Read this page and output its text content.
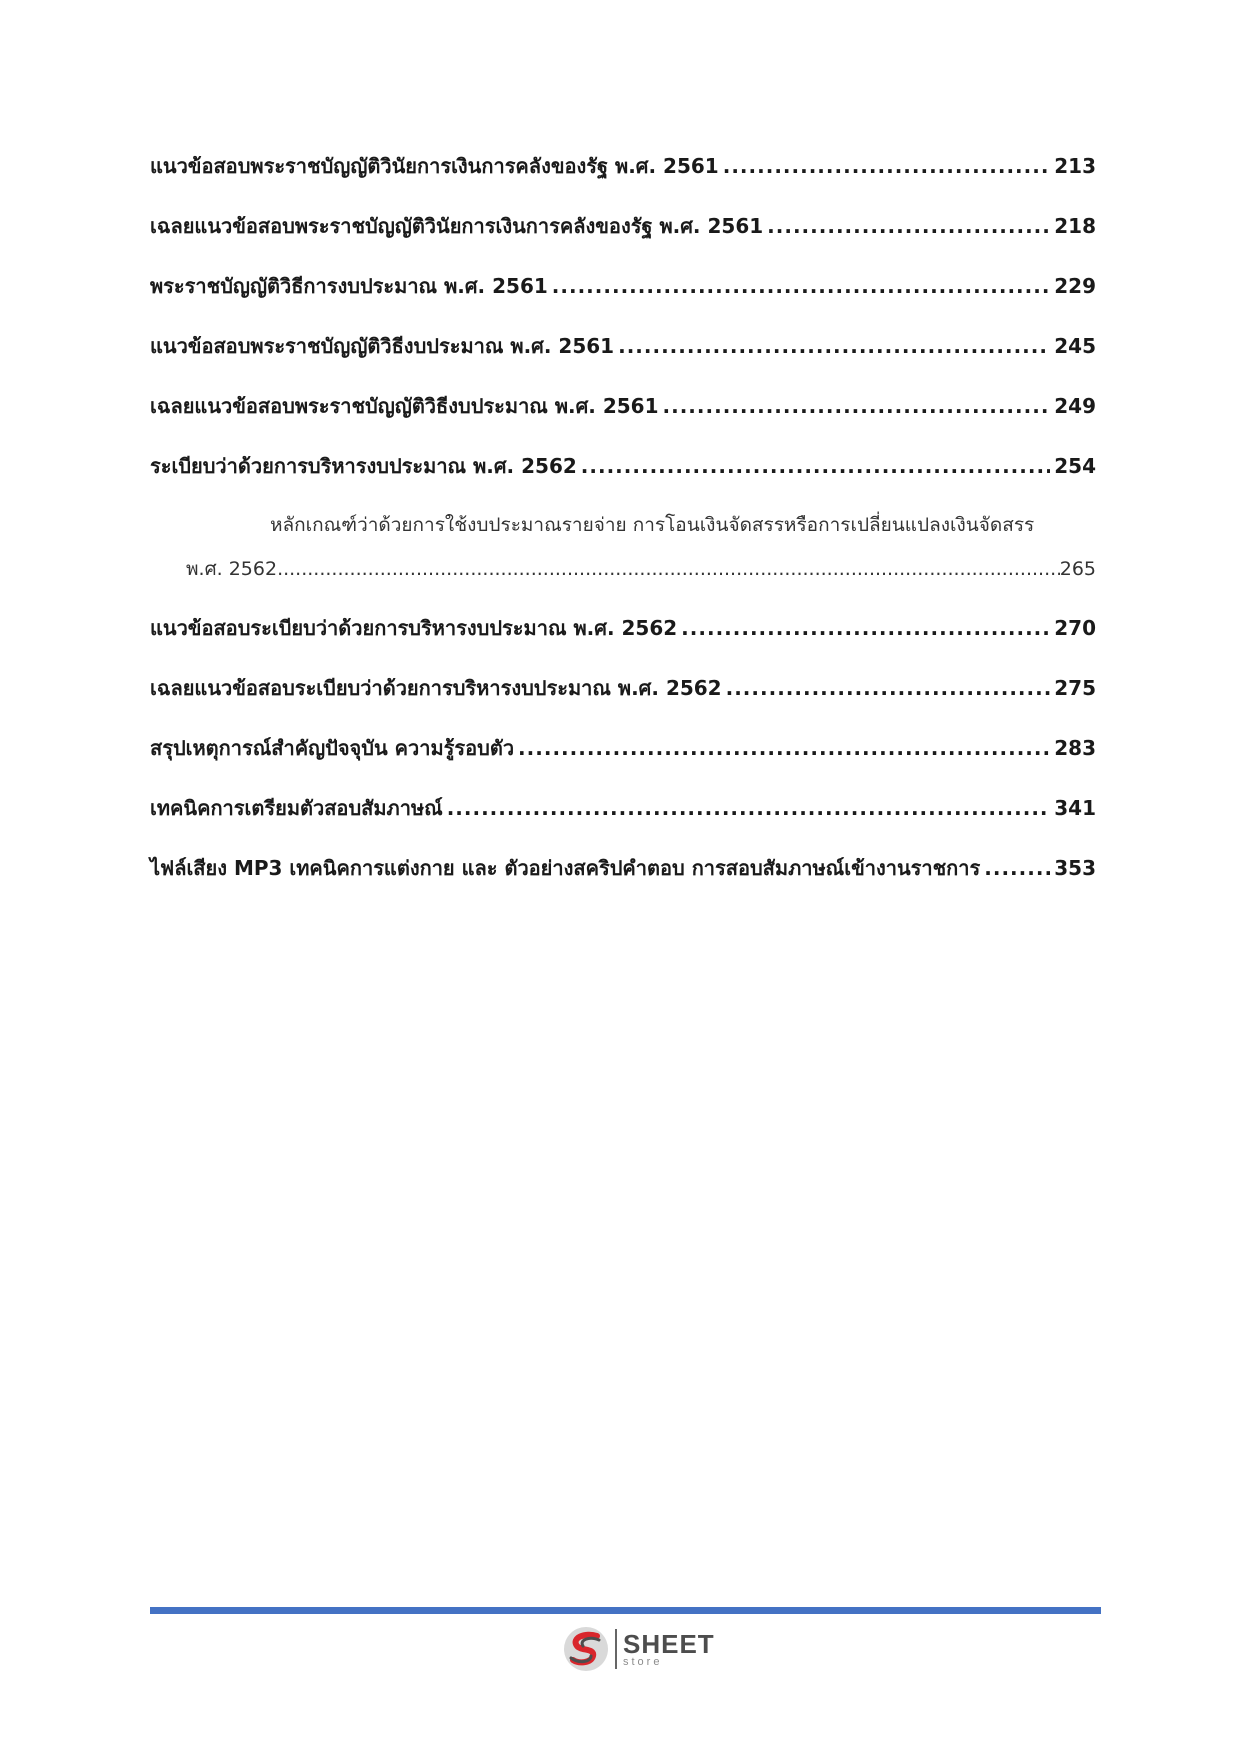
แนวข้อสอบพระราชบัญญัติวินัยการเงินการคลังของรัฐ พ.ศ. 2561 .....	213
เฉลยแนวข้อสอบพระราชบัญญัติวินัยการเงินการคลังของรัฐ พ.ศ. 2561 .....	218
พระราชบัญญัติวิธีการงบประมาณ พ.ศ. 2561 .....	229
แนวข้อสอบพระราชบัญญัติวิธีงบประมาณ พ.ศ. 2561 .....	245
เฉลยแนวข้อสอบพระราชบัญญัติวิธีงบประมาณ พ.ศ. 2561 .....	249
ระเบียบว่าด้วยการบริหารงบประมาณ พ.ศ. 2562 .....	254
หลักเกณฑ์ว่าด้วยการใช้งบประมาณรายจ่าย การโอนเงินจัดสรรหรือการเปลี่ยนแปลงเงินจัดสรร
พ.ศ. 2562 .....	265
แนวข้อสอบระเบียบว่าด้วยการบริหารงบประมาณ พ.ศ. 2562 .....	270
เฉลยแนวข้อสอบระเบียบว่าด้วยการบริหารงบประมาณ พ.ศ. 2562 .....	275
สรุปเหตุการณ์สำคัญปัจจุบัน ความรู้รอบตัว .....	283
เทคนิคการเตรียมตัวสอบสัมภาษณ์ .....	341
ไฟล์เสียง MP3 เทคนิคการแต่งกาย และ ตัวอย่างสคริปคำตอบ การสอบสัมภาษณ์เข้างานราชการ .....	353
SHEET
store
